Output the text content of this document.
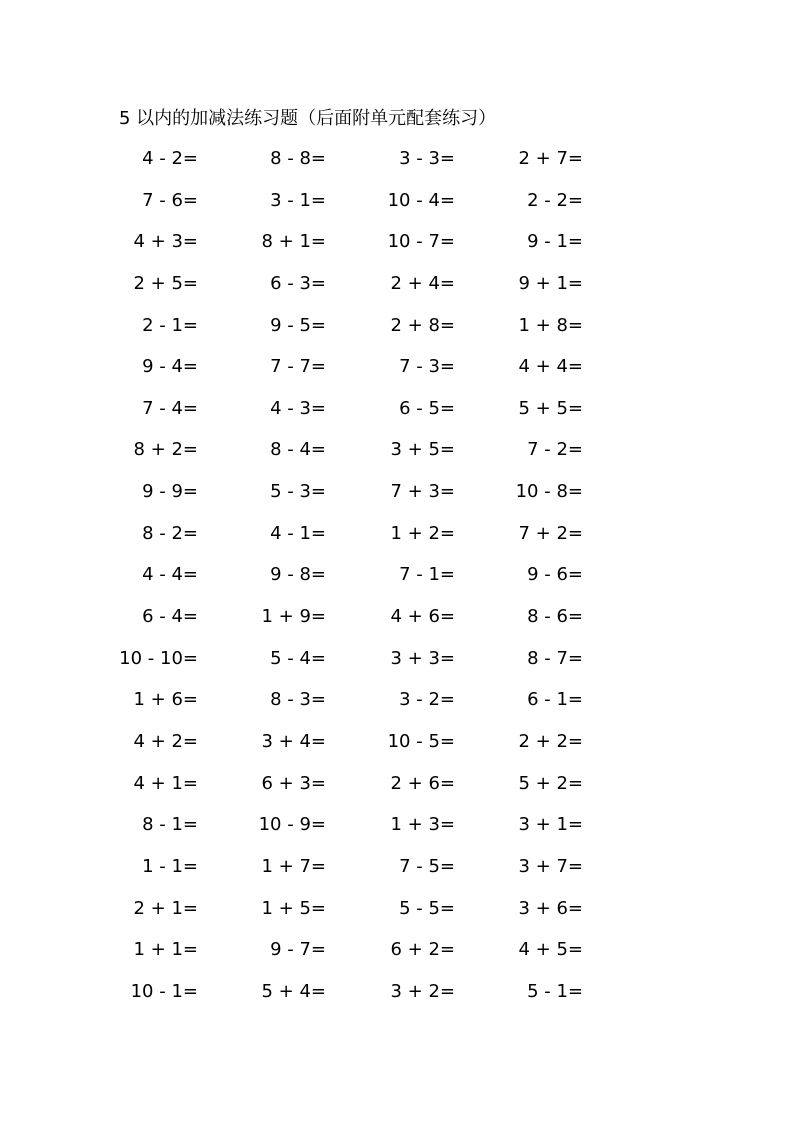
5 以内的加减法练习题（后面附单元配套练习）
4 - 2=	8 - 8=	3 - 3=	2 + 7=
7 - 6=	3 - 1=	10 - 4=	2 - 2=
4 + 3=	8 + 1=	10 - 7=	9 - 1=
2 + 5=	6 - 3=	2 + 4=	9 + 1=
2 - 1=	9 - 5=	2 + 8=	1 + 8=
9 - 4=	7 - 7=	7 - 3=	4 + 4=
7 - 4=	4 - 3=	6 - 5=	5 + 5=
8 + 2=	8 - 4=	3 + 5=	7 - 2=
9 - 9=	5 - 3=	7 + 3=	10 - 8=
8 - 2=	4 - 1=	1 + 2=	7 + 2=
4 - 4=	9 - 8=	7 - 1=	9 - 6=
6 - 4=	1 + 9=	4 + 6=	8 - 6=
10 - 10=	5 - 4=	3 + 3=	8 - 7=
1 + 6=	8 - 3=	3 - 2=	6 - 1=
4 + 2=	3 + 4=	10 - 5=	2 + 2=
4 + 1=	6 + 3=	2 + 6=	5 + 2=
8 - 1=	10 - 9=	1 + 3=	3 + 1=
1 - 1=	1 + 7=	7 - 5=	3 + 7=
2 + 1=	1 + 5=	5 - 5=	3 + 6=
1 + 1=	9 - 7=	6 + 2=	4 + 5=
10 - 1=	5 + 4=	3 + 2=	5 - 1=
